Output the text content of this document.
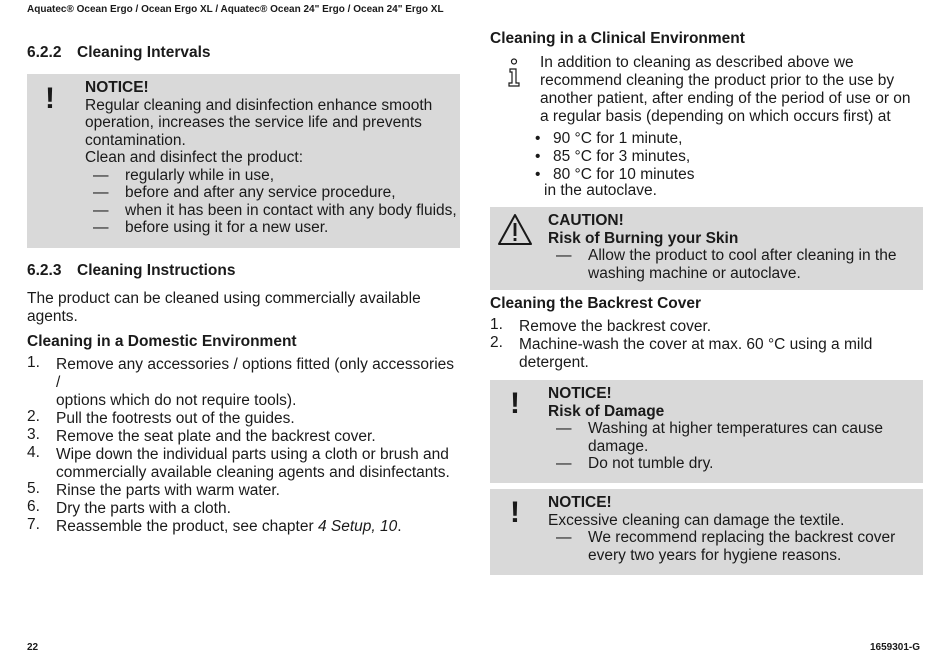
Aquatec® Ocean Ergo / Ocean Ergo XL / Aquatec® Ocean 24" Ergo / Ocean 24" Ergo XL
6.2.2 Cleaning Intervals
! NOTICE!
Regular cleaning and disinfection enhance smooth
operation, increases the service life and prevents
contamination.
Clean and disinfect the product:
— regularly while in use,
— before and after any service procedure,
— when it has been in contact with any body fluids,
— before using it for a new user.
6.2.3 Cleaning Instructions
The product can be cleaned using commercially available
agents.
Cleaning in a Domestic Environment
1. Remove any accessories / options fitted (only accessories /
options which do not require tools).
2. Pull the footrests out of the guides.
3. Remove the seat plate and the backrest cover.
4. Wipe down the individual parts using a cloth or brush and
commercially available cleaning agents and disinfectants.
5. Rinse the parts with warm water.
6. Dry the parts with a cloth.
7. Reassemble the product, see chapter 4 Setup, 10.
Cleaning in a Clinical Environment
In addition to cleaning as described above we
recommend cleaning the product prior to the use by
another patient, after ending of the period of use or on
a regular basis (depending on which occurs first) at
• 90 °C for 1 minute,
• 85 °C for 3 minutes,
• 80 °C for 10 minutes
in the autoclave.
CAUTION!
Risk of Burning your Skin
— Allow the product to cool after cleaning in the
washing machine or autoclave.
Cleaning the Backrest Cover
1. Remove the backrest cover.
2. Machine-wash the cover at max. 60 °C using a mild
detergent.
! NOTICE!
Risk of Damage
— Washing at higher temperatures can cause
damage.
— Do not tumble dry.
! NOTICE!
Excessive cleaning can damage the textile.
— We recommend replacing the backrest cover
every two years for hygiene reasons.
22	1659301-G
